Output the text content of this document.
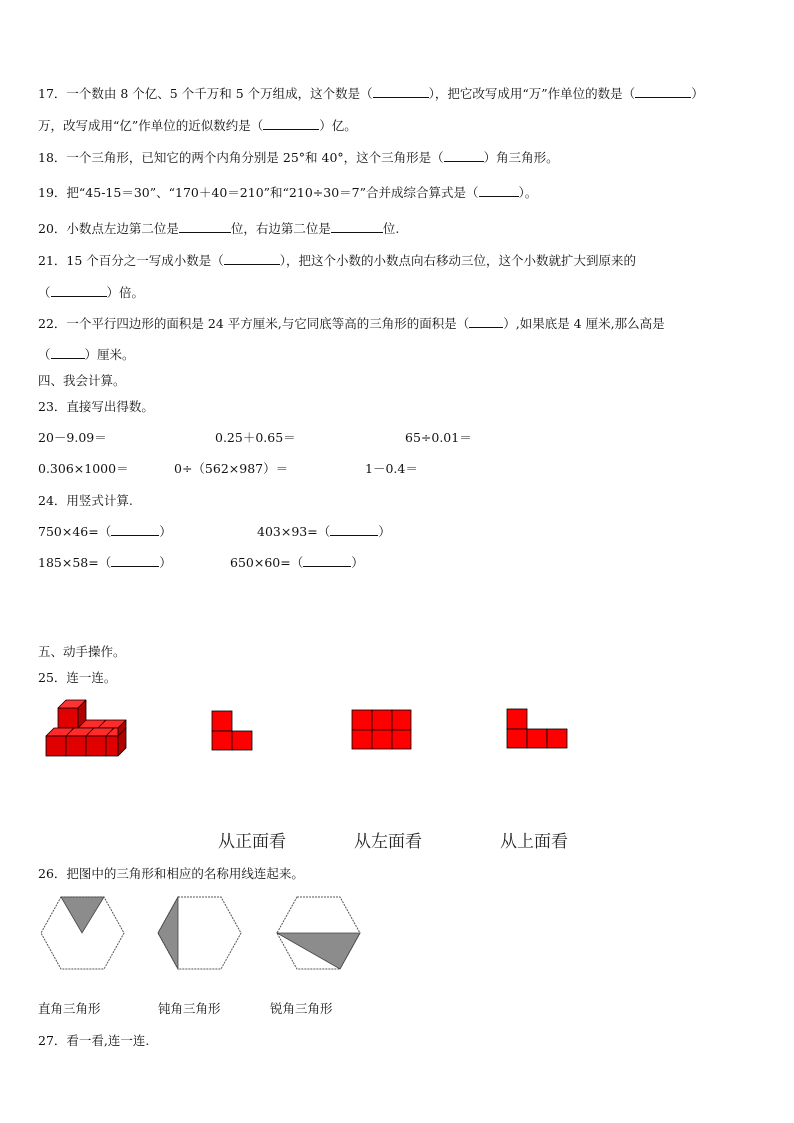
17．一个数由 8 个亿、5 个千万和 5 个万组成，这个数是（	），把它改写成用“万”作单位的数是（	）
万，改写成用“亿”作单位的近似数约是（	）亿。
18．一个三角形，已知它的两个内角分别是 25°和 40°，这个三角形是（	）角三角形。
19．把“45-15＝30”、“170＋40＝210”和“210÷30＝7”合并成综合算式是（	）。
20．小数点左边第二位是	位，右边第二位是	位.
21．15 个百分之一写成小数是（	），把这个小数的小数点向右移动三位，这个小数就扩大到原来的
（	）倍。
22．一个平行四边形的面积是 24 平方厘米,与它同底等高的三角形的面积是（	）,如果底是 4 厘米,那么高是
（	）厘米。
四、我会计算。
23．直接写出得数。
20－9.09＝	0.25＋0.65＝	65÷0.01＝
0.306×1000＝	0÷（562×987）＝	1－0.4＝
24．用竖式计算.
750×46=（	）	403×93=（	）
185×58=（	）	650×60=（	）
五、动手操作。
25．连一连。
从正面看	从左面看	从上面看
26．把图中的三角形和相应的名称用线连起来。
直角三角形	钝角三角形	锐角三角形
27．看一看,连一连.
